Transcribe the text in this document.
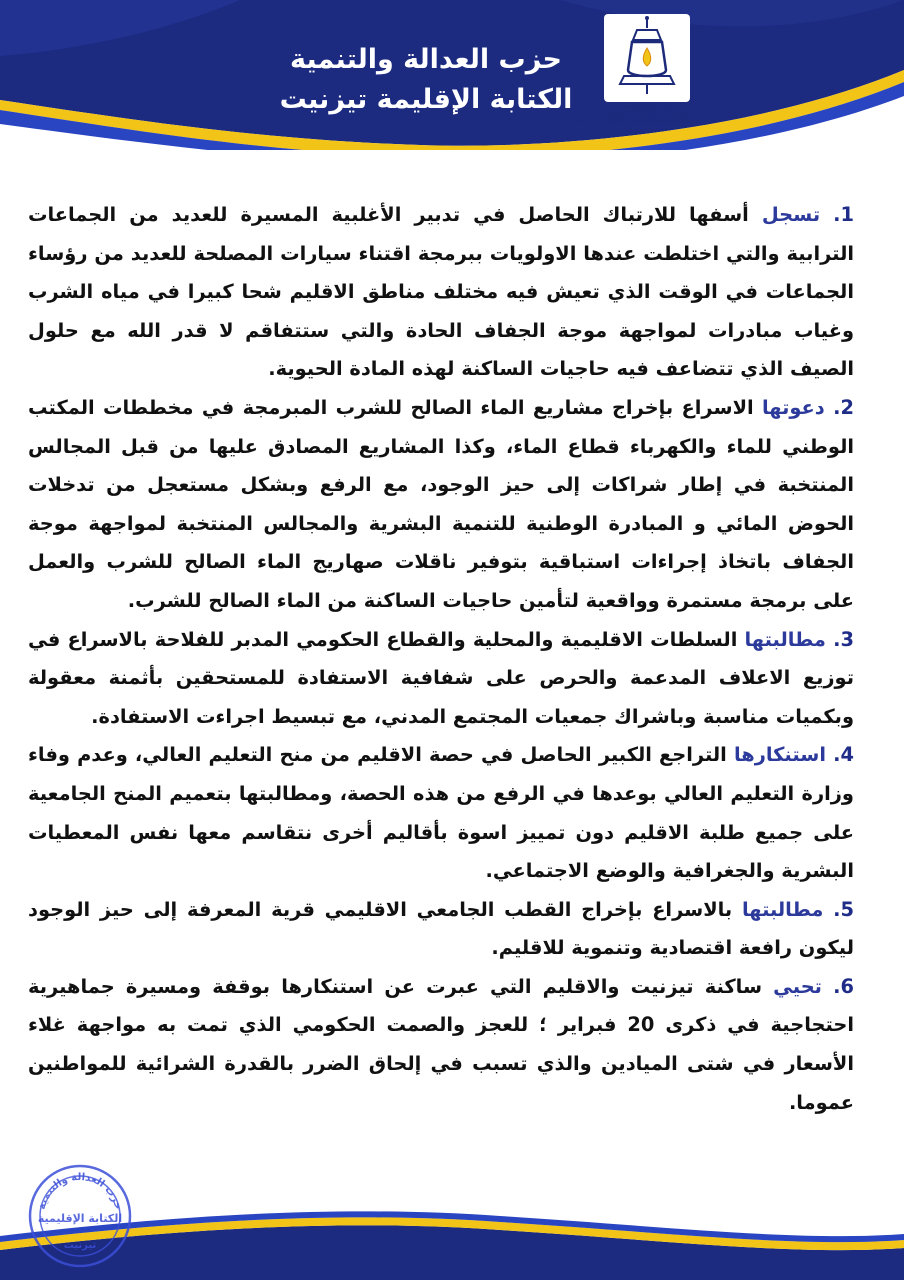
حزب العدالة والتنمية
الكتابة الإقليمة تيزنيت	حزب العدالة والتنمية
ⴰⴽⴰⴱⴰⵔ ⵏ ⵜⵉⵏⴼⵍⵉ ⴷ ⵜⵏⴼⵔⵓⵜ
Parti de la Justice et du Développement

1. تسجل أسفها للارتباك الحاصل في تدبير الأغلبية المسيرة للعديد من الجماعات الترابية والتي اختلطت عندها الاولويات ببرمجة اقتناء سيارات المصلحة للعديد من رؤساء الجماعات في الوقت الذي تعيش فيه مختلف مناطق الاقليم شحا كبيرا في مياه الشرب وغياب مبادرات لمواجهة موجة الجفاف الحادة والتي ستتفاقم لا قدر الله مع حلول الصيف الذي تتضاعف فيه حاجيات الساكنة لهذه المادة الحيوية.

2. دعوتها الاسراع بإخراج مشاريع الماء الصالح للشرب المبرمجة في مخططات المكتب الوطني للماء والكهرباء قطاع الماء، وكذا المشاريع المصادق عليها من قبل المجالس المنتخبة في إطار شراكات إلى حيز الوجود، مع الرفع وبشكل مستعجل من تدخلات الحوض المائي و المبادرة الوطنية للتنمية البشرية والمجالس المنتخبة لمواجهة موجة الجفاف باتخاذ إجراءات استباقية بتوفير ناقلات صهاريج الماء الصالح للشرب والعمل على برمجة مستمرة وواقعية لتأمين حاجيات الساكنة من الماء الصالح للشرب.

3. مطالبتها السلطات الاقليمية والمحلية والقطاع الحكومي المدبر للفلاحة بالاسراع في توزيع الاعلاف المدعمة والحرص على شفافية الاستفادة للمستحقين بأثمنة معقولة وبكميات مناسبة وباشراك جمعيات المجتمع المدني، مع تبسيط اجراءت الاستفادة.

4. استنكارها التراجع الكبير الحاصل في حصة الاقليم من منح التعليم العالي، وعدم وفاء وزارة التعليم العالي بوعدها في الرفع من هذه الحصة، ومطالبتها بتعميم المنح الجامعية على جميع طلبة الاقليم دون تمييز اسوة بأقاليم أخرى نتقاسم معها نفس المعطيات البشرية والجغرافية والوضع الاجتماعي.

5. مطالبتها بالاسراع بإخراج القطب الجامعي الاقليمي قرية المعرفة إلى حيز الوجود ليكون رافعة اقتصادية وتنموية للاقليم.

6. تحيي ساكنة تيزنيت والاقليم التي عبرت عن استنكارها بوقفة ومسيرة جماهيرية احتجاجية في ذكرى 20 فبراير ؛ للعجز والصمت الحكومي الذي تمت به مواجهة غلاء الأسعار في شتى الميادين والذي تسبب في إلحاق الضرر بالقدرة الشرائية للمواطنين عموما.

2
حزب العدالة والتنمية
الكتابة الإقليمية
تيزنيت
